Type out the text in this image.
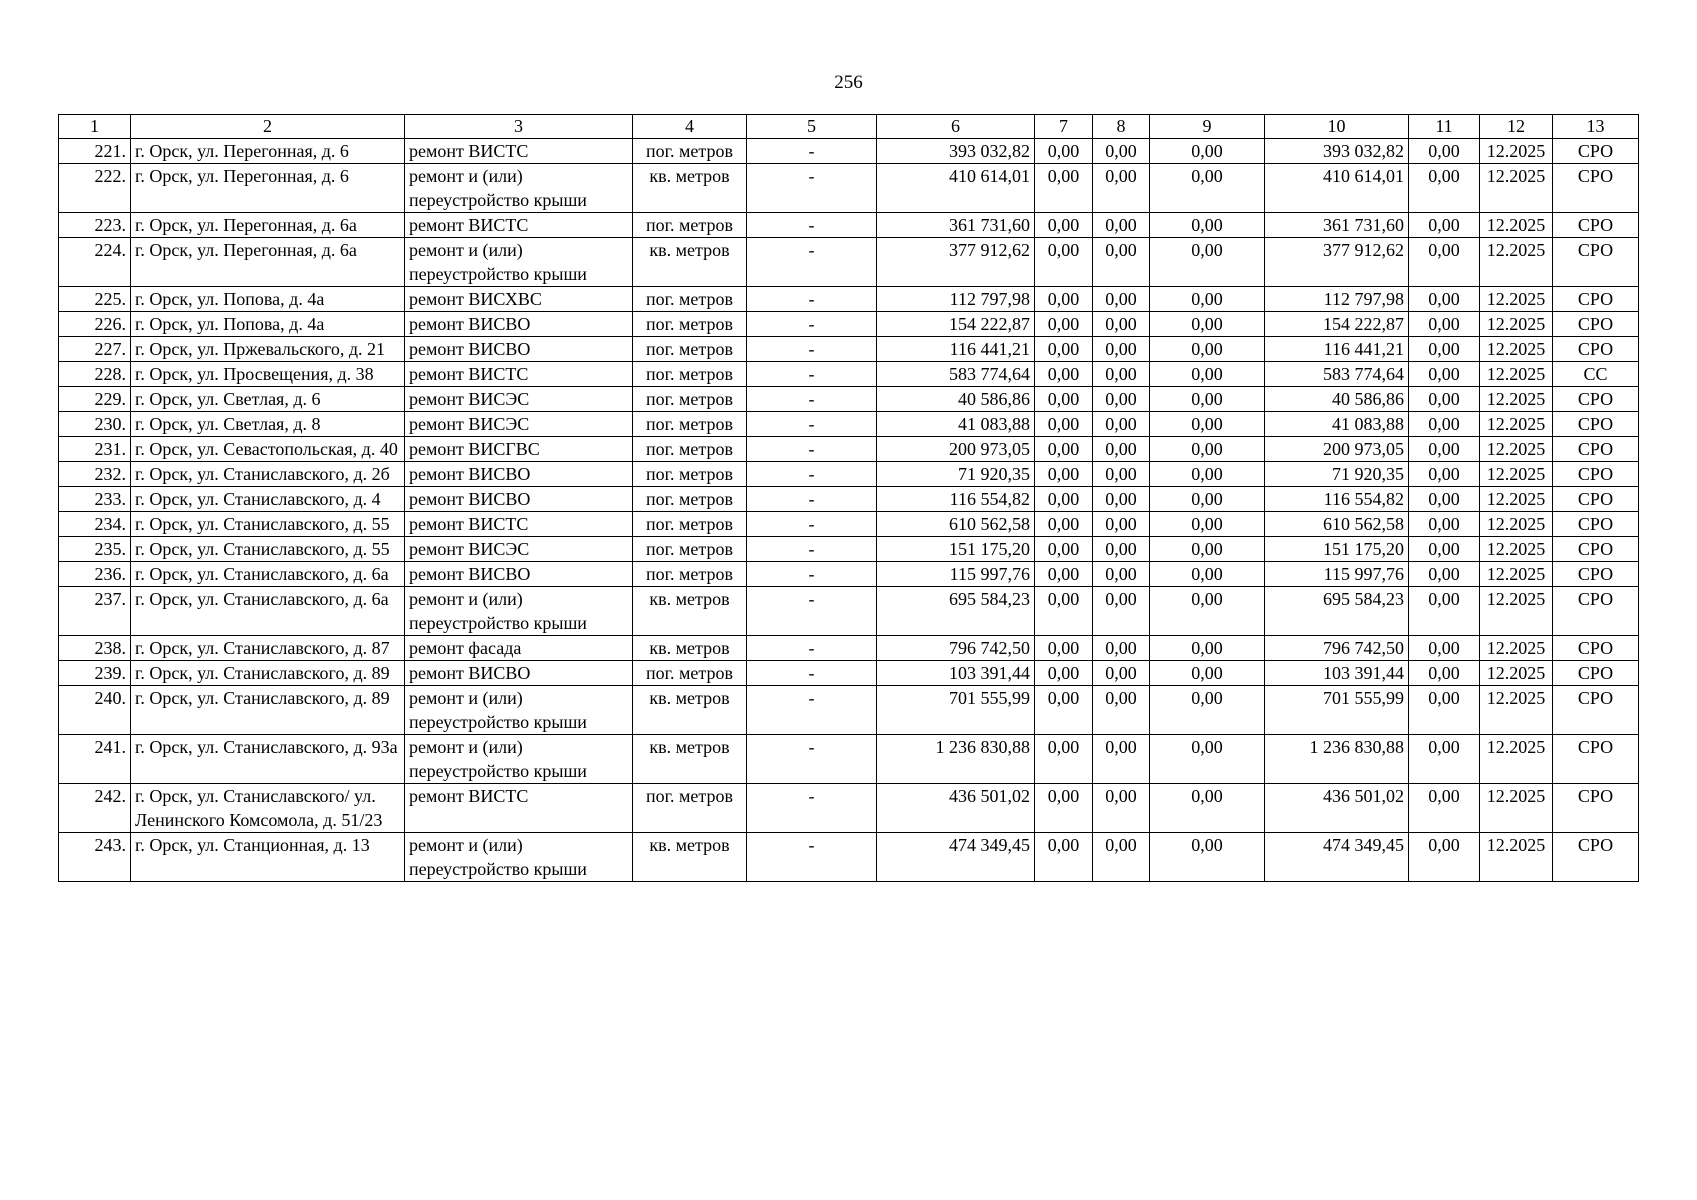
256
1	2	3	4	5	6	7	8	9	10	11	12	13
221.	г. Орск, ул. Перегонная, д. 6	ремонт ВИСТС	пог. метров	-	393 032,82	0,00	0,00	0,00	393 032,82	0,00	12.2025	СРО
222.	г. Орск, ул. Перегонная, д. 6	ремонт и (или) переустройство крыши	кв. метров	-	410 614,01	0,00	0,00	0,00	410 614,01	0,00	12.2025	СРО
223.	г. Орск, ул. Перегонная, д. 6а	ремонт ВИСТС	пог. метров	-	361 731,60	0,00	0,00	0,00	361 731,60	0,00	12.2025	СРО
224.	г. Орск, ул. Перегонная, д. 6а	ремонт и (или) переустройство крыши	кв. метров	-	377 912,62	0,00	0,00	0,00	377 912,62	0,00	12.2025	СРО
225.	г. Орск, ул. Попова, д. 4а	ремонт ВИСХВС	пог. метров	-	112 797,98	0,00	0,00	0,00	112 797,98	0,00	12.2025	СРО
226.	г. Орск, ул. Попова, д. 4а	ремонт ВИСВО	пог. метров	-	154 222,87	0,00	0,00	0,00	154 222,87	0,00	12.2025	СРО
227.	г. Орск, ул. Пржевальского, д. 21	ремонт ВИСВО	пог. метров	-	116 441,21	0,00	0,00	0,00	116 441,21	0,00	12.2025	СРО
228.	г. Орск, ул. Просвещения, д. 38	ремонт ВИСТС	пог. метров	-	583 774,64	0,00	0,00	0,00	583 774,64	0,00	12.2025	СС
229.	г. Орск, ул. Светлая, д. 6	ремонт ВИСЭС	пог. метров	-	40 586,86	0,00	0,00	0,00	40 586,86	0,00	12.2025	СРО
230.	г. Орск, ул. Светлая, д. 8	ремонт ВИСЭС	пог. метров	-	41 083,88	0,00	0,00	0,00	41 083,88	0,00	12.2025	СРО
231.	г. Орск, ул. Севастопольская, д. 40	ремонт ВИСГВС	пог. метров	-	200 973,05	0,00	0,00	0,00	200 973,05	0,00	12.2025	СРО
232.	г. Орск, ул. Станиславского, д. 2б	ремонт ВИСВО	пог. метров	-	71 920,35	0,00	0,00	0,00	71 920,35	0,00	12.2025	СРО
233.	г. Орск, ул. Станиславского, д. 4	ремонт ВИСВО	пог. метров	-	116 554,82	0,00	0,00	0,00	116 554,82	0,00	12.2025	СРО
234.	г. Орск, ул. Станиславского, д. 55	ремонт ВИСТС	пог. метров	-	610 562,58	0,00	0,00	0,00	610 562,58	0,00	12.2025	СРО
235.	г. Орск, ул. Станиславского, д. 55	ремонт ВИСЭС	пог. метров	-	151 175,20	0,00	0,00	0,00	151 175,20	0,00	12.2025	СРО
236.	г. Орск, ул. Станиславского, д. 6а	ремонт ВИСВО	пог. метров	-	115 997,76	0,00	0,00	0,00	115 997,76	0,00	12.2025	СРО
237.	г. Орск, ул. Станиславского, д. 6а	ремонт и (или) переустройство крыши	кв. метров	-	695 584,23	0,00	0,00	0,00	695 584,23	0,00	12.2025	СРО
238.	г. Орск, ул. Станиславского, д. 87	ремонт фасада	кв. метров	-	796 742,50	0,00	0,00	0,00	796 742,50	0,00	12.2025	СРО
239.	г. Орск, ул. Станиславского, д. 89	ремонт ВИСВО	пог. метров	-	103 391,44	0,00	0,00	0,00	103 391,44	0,00	12.2025	СРО
240.	г. Орск, ул. Станиславского, д. 89	ремонт и (или) переустройство крыши	кв. метров	-	701 555,99	0,00	0,00	0,00	701 555,99	0,00	12.2025	СРО
241.	г. Орск, ул. Станиславского, д. 93а	ремонт и (или) переустройство крыши	кв. метров	-	1 236 830,88	0,00	0,00	0,00	1 236 830,88	0,00	12.2025	СРО
242.	г. Орск, ул. Станиславского/ ул. Ленинского Комсомола, д. 51/23	ремонт ВИСТС	пог. метров	-	436 501,02	0,00	0,00	0,00	436 501,02	0,00	12.2025	СРО
243.	г. Орск, ул. Станционная, д. 13	ремонт и (или) переустройство крыши	кв. метров	-	474 349,45	0,00	0,00	0,00	474 349,45	0,00	12.2025	СРО
